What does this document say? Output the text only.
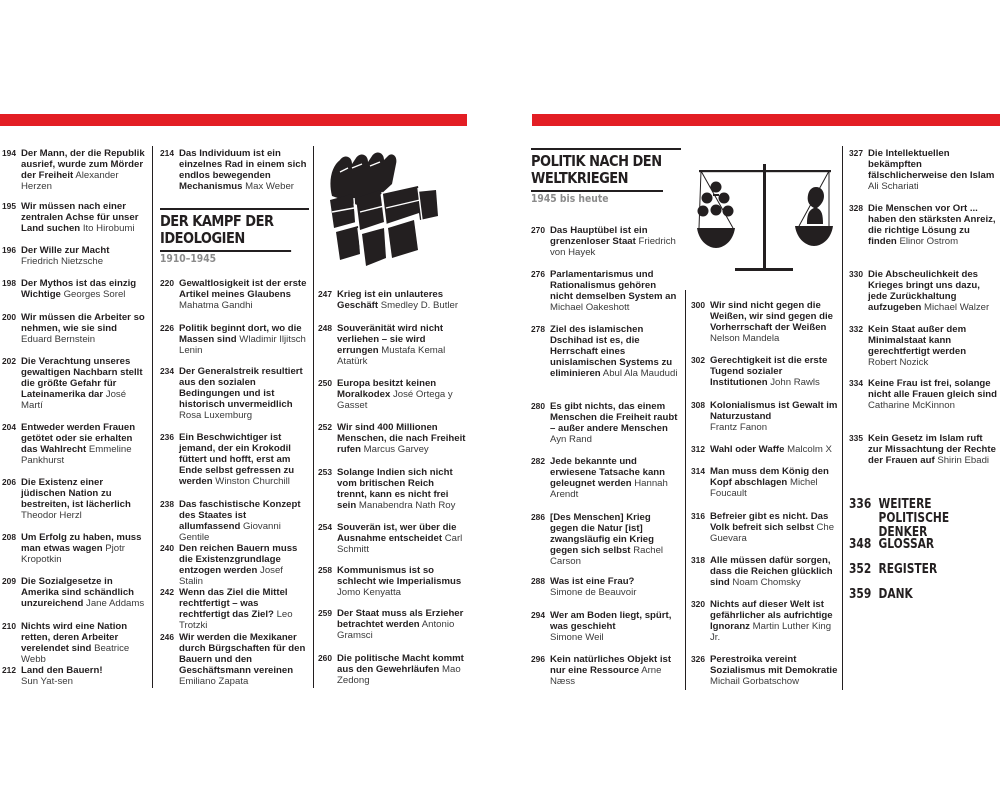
194 Der Mann, der die Republik ausrief, wurde zum Mörder der Freiheit Alexander Herzen
195 Wir müssen nach einer zentralen Achse für unser Land suchen Ito Hirobumi
196 Der Wille zur Macht
Friedrich Nietzsche
198 Der Mythos ist das einzig Wichtige Georges Sorel
200 Wir müssen die Arbeiter so nehmen, wie sie sind Eduard Bernstein
202 Die Verachtung unseres gewaltigen Nachbarn stellt die größte Gefahr für Lateinamerika dar José Martí
204 Entweder werden Frauen getötet oder sie erhalten das Wahlrecht Emmeline Pankhurst
206 Die Existenz einer jüdischen Nation zu bestreiten, ist lächerlich Theodor Herzl
208 Um Erfolg zu haben, muss man etwas wagen Pjotr Kropotkin
209 Die Sozialgesetze in Amerika sind schändlich unzureichend Jane Addams
210 Nichts wird eine Nation retten, deren Arbeiter verelendet sind Beatrice Webb
212 Land den Bauern!
Sun Yat-sen
214 Das Individuum ist ein einzelnes Rad in einem sich endlos bewegenden Mechanismus Max Weber
DER KAMPF DER IDEOLOGIEN
1910–1945
220 Gewaltlosigkeit ist der erste Artikel meines Glaubens Mahatma Gandhi
226 Politik beginnt dort, wo die Massen sind Wladimir Iljitsch Lenin
234 Der Generalstreik resultiert aus den sozialen Bedingungen und ist historisch unvermeidlich Rosa Luxemburg
236 Ein Beschwichtiger ist jemand, der ein Krokodil füttert und hofft, erst am Ende selbst gefressen zu werden Winston Churchill
238 Das faschistische Konzept des Staates ist allumfassend Giovanni Gentile
240 Den reichen Bauern muss die Existenzgrundlage entzogen werden Josef Stalin
242 Wenn das Ziel die Mittel rechtfertigt – was rechtfertigt das Ziel? Leo Trotzki
246 Wir werden die Mexikaner durch Bürgschaften für den Bauern und den Geschäftsmann vereinen Emiliano Zapata
247 Krieg ist ein unlauteres Geschäft Smedley D. Butler
248 Souveränität wird nicht verliehen – sie wird errungen Mustafa Kemal Atatürk
250 Europa besitzt keinen Moralkodex José Ortega y Gasset
252 Wir sind 400 Millionen Menschen, die nach Freiheit rufen Marcus Garvey
253 Solange Indien sich nicht vom britischen Reich trennt, kann es nicht frei sein Manabendra Nath Roy
254 Souverän ist, wer über die Ausnahme entscheidet Carl Schmitt
258 Kommunismus ist so schlecht wie Imperialismus Jomo Kenyatta
259 Der Staat muss als Erzieher betrachtet werden Antonio Gramsci
260 Die politische Macht kommt aus den Gewehrläufen Mao Zedong
POLITIK NACH DEN WELTKRIEGEN
1945 bis heute
270 Das Hauptübel ist ein grenzenloser Staat Friedrich von Hayek
276 Parlamentarismus und Rationalismus gehören nicht demselben System an Michael Oakeshott
278 Ziel des islamischen Dschihad ist es, die Herrschaft eines unislamischen Systems zu eliminieren Abul Ala Maududi
280 Es gibt nichts, das einem Menschen die Freiheit raubt – außer andere Menschen Ayn Rand
282 Jede bekannte und erwiesene Tatsache kann geleugnet werden Hannah Arendt
286 [Des Menschen] Krieg gegen die Natur [ist] zwangsläufig ein Krieg gegen sich selbst Rachel Carson
288 Was ist eine Frau?
Simone de Beauvoir
294 Wer am Boden liegt, spürt, was geschieht
Simone Weil
296 Kein natürliches Objekt ist nur eine Ressource Arne Næss
300 Wir sind nicht gegen die Weißen, wir sind gegen die Vorherrschaft der Weißen Nelson Mandela
302 Gerechtigkeit ist die erste Tugend sozialer Institutionen John Rawls
308 Kolonialismus ist Gewalt im Naturzustand
Frantz Fanon
312 Wahl oder Waffe Malcolm X
314 Man muss dem König den Kopf abschlagen Michel Foucault
316 Befreier gibt es nicht. Das Volk befreit sich selbst Che Guevara
318 Alle müssen dafür sorgen, dass die Reichen glücklich sind Noam Chomsky
320 Nichts auf dieser Welt ist gefährlicher als aufrichtige Ignoranz Martin Luther King Jr.
326 Perestroika vereint Sozialismus mit Demokratie Michail Gorbatschow
327 Die Intellektuellen bekämpften fälschlicherweise den Islam Ali Schariati
328 Die Menschen vor Ort ... haben den stärksten Anreiz, die richtige Lösung zu finden Elinor Ostrom
330 Die Abscheulichkeit des Krieges bringt uns dazu, jede Zurückhaltung aufzugeben Michael Walzer
332 Kein Staat außer dem Minimalstaat kann gerechtfertigt werden Robert Nozick
334 Keine Frau ist frei, solange nicht alle Frauen gleich sind Catharine McKinnon
335 Kein Gesetz im Islam ruft zur Missachtung der Rechte der Frauen auf Shirin Ebadi
336 WEITERE POLITISCHE DENKER
348 GLOSSAR
352 REGISTER
359 DANK
